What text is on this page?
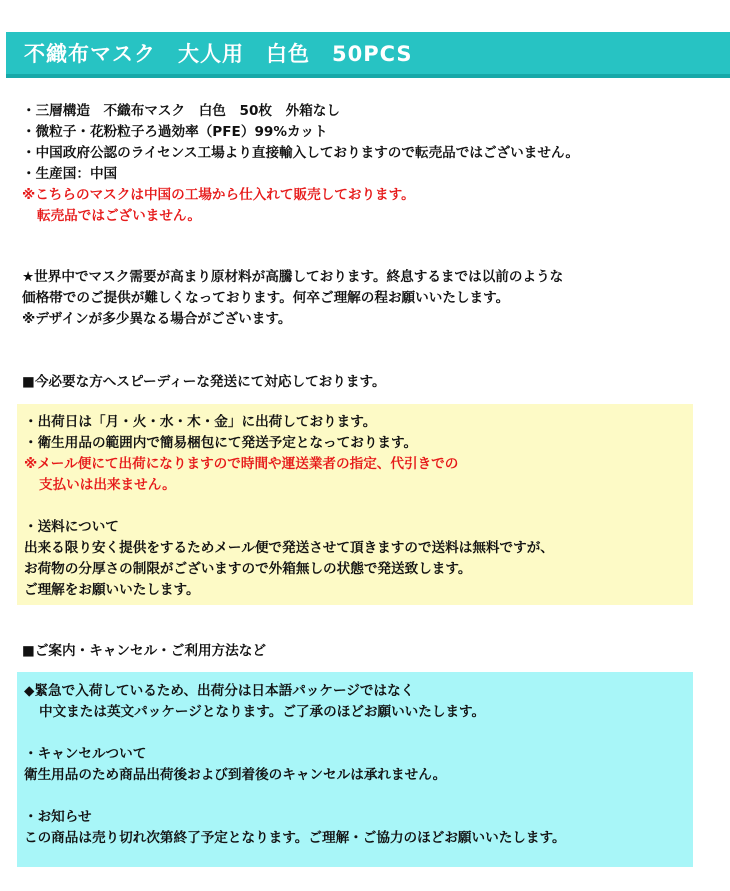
不織布マスク　大人用　白色　50PCS
・三層構造　不織布マスク　白色　50枚　外箱なし
・微粒子・花粉粒子ろ過効率（PFE）99%カット
・中国政府公認のライセンス工場より直接輸入しておりますので転売品ではございません。
・生産国：中国
※こちらのマスクは中国の工場から仕入れて販売しております。
転売品ではございません。
★世界中でマスク需要が高まり原材料が高騰しております。終息するまでは以前のような
価格帯でのご提供が難しくなっております。何卒ご理解の程お願いいたします。
※デザインが多少異なる場合がございます。
■今必要な方へスピーディーな発送にて対応しております。
・出荷日は「月・火・水・木・金」に出荷しております。
・衛生用品の範囲内で簡易梱包にて発送予定となっております。
※メール便にて出荷になりますので時間や運送業者の指定、代引きでの
支払いは出来ません。
・送料について
出来る限り安く提供をするためメール便で発送させて頂きますので送料は無料ですが、
お荷物の分厚さの制限がございますので外箱無しの状態で発送致します。
ご理解をお願いいたします。
■ご案内・キャンセル・ご利用方法など
◆緊急で入荷しているため、出荷分は日本語パッケージではなく
中文または英文パッケージとなります。ご了承のほどお願いいたします。
・キャンセルついて
衛生用品のため商品出荷後および到着後のキャンセルは承れません。
・お知らせ
この商品は売り切れ次第終了予定となります。ご理解・ご協力のほどお願いいたします。
